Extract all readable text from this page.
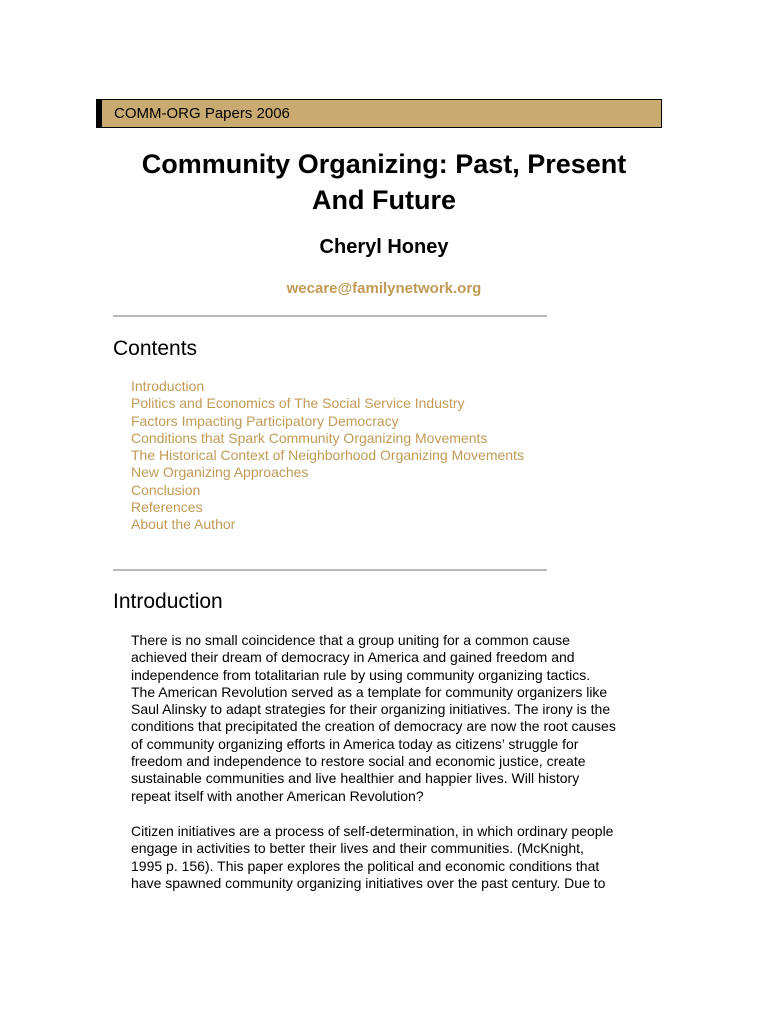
COMM-ORG Papers 2006
Community Organizing: Past, Present
And Future
Cheryl Honey
wecare@familynetwork.org
Contents
Introduction
Politics and Economics of The Social Service Industry
Factors Impacting Participatory Democracy
Conditions that Spark Community Organizing Movements
The Historical Context of Neighborhood Organizing Movements
New Organizing Approaches
Conclusion
References
About the Author
Introduction

There is no small coincidence that a group uniting for a common cause
achieved their dream of democracy in America and gained freedom and
independence from totalitarian rule by using community organizing tactics.
The American Revolution served as a template for community organizers like
Saul Alinsky to adapt strategies for their organizing initiatives. The irony is the
conditions that precipitated the creation of democracy are now the root causes
of community organizing efforts in America today as citizens’ struggle for
freedom and independence to restore social and economic justice, create
sustainable communities and live healthier and happier lives. Will history
repeat itself with another American Revolution?

Citizen initiatives are a process of self-determination, in which ordinary people
engage in activities to better their lives and their communities. (McKnight,
1995 p. 156). This paper explores the political and economic conditions that
have spawned community organizing initiatives over the past century. Due to
